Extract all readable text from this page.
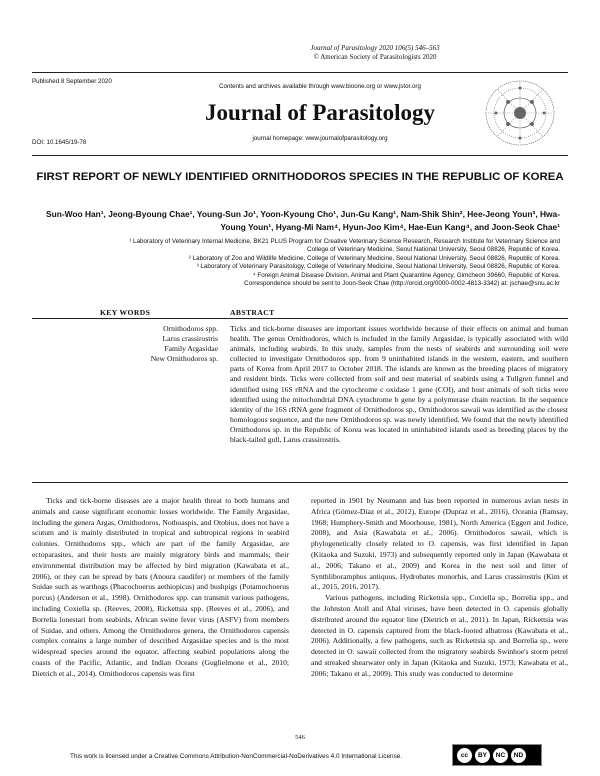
Journal of Parasitology 2020 106(5) 546–563
© American Society of Parasitologists 2020
Published 8 September 2020
DOI: 10.1645/19-78
Contents and archives available through www.bioone.org or www.jstor.org
Journal of Parasitology
journal homepage: www.journalofparasitology.org
FIRST REPORT OF NEWLY IDENTIFIED ORNITHODOROS SPECIES IN THE REPUBLIC OF KOREA
Sun-Woo Han¹, Jeong-Byoung Chae¹, Young-Sun Jo¹, Yoon-Kyoung Cho¹, Jun-Gu Kang¹, Nam-Shik Shin², Hee-Jeong Youn³, Hwa-Young Youn¹, Hyang-Mi Nam⁴, Hyun-Joo Kim⁴, Hae-Eun Kang⁴, and Joon-Seok Chae¹
¹ Laboratory of Veterinary Internal Medicine, BK21 PLUS Program for Creative Veterinary Science Research, Research Institute for Veterinary Science and
College of Veterinary Medicine, Seoul National University, Seoul 08826, Republic of Korea.
² Laboratory of Zoo and Wildlife Medicine, College of Veterinary Medicine, Seoul National University, Seoul 08826, Republic of Korea.
³ Laboratory of Veterinary Parasitology, College of Veterinary Medicine, Seoul National University, Seoul 08826, Republic of Korea.
⁴ Foreign Animal Disease Division, Animal and Plant Quarantine Agency, Gimcheon 39660, Republic of Korea.
Correspondence should be sent to Joon-Seok Chae (http://orcid.org/0000-0002-4813-3342) at: jschae@snu.ac.kr
KEY WORDS	ABSTRACT
Ornithodoros spp.
Larus crassirostris
Family Argasidae
New Ornithodoros sp.
Ticks and tick-borne diseases are important issues worldwide because of their effects on animal and human health. The genus Ornithodoros, which is included in the family Argasidae, is typically associated with wild animals, including seabirds. In this study, samples from the nests of seabirds and surrounding soil were collected to investigate Ornithodoros spp. from 9 uninhabited islands in the western, eastern, and southern parts of Korea from April 2017 to October 2018. The islands are known as the breeding places of migratory and resident birds. Ticks were collected from soil and nest material of seabirds using a Tullgren funnel and identified using 16S rRNA and the cytochrome c oxidase 1 gene (COI), and host animals of soft ticks were identified using the mitochondrial DNA cytochrome b gene by a polymerase chain reaction. In the sequence identity of the 16S rRNA gene fragment of Ornithodoros sp., Ornithodoros sawaii was identified as the closest homologous sequence, and the new Ornithodoros sp. was newly identified. We found that the newly identified Ornithodoros sp. in the Republic of Korea was located in uninhabited islands used as breeding places by the black-tailed gull, Larus crassirostris.

Ticks and tick-borne diseases are a major health threat to both humans and animals and cause significant economic losses worldwide. The Family Argasidae, including the genera Argas, Ornithodoros, Nothoaspis, and Otobius, does not have a scutum and is mainly distributed in tropical and subtropical regions in seabird colonies. Ornithodoros spp., which are part of the family Argasidae, are ectoparasites, and their hosts are mainly migratory birds and mammals; their environmental distribution may be affected by bird migration (Kawabata et al., 2006), or they can be spread by bats (Anoura caudifer) or members of the family Suidae such as warthogs (Phacochoerus aethiopicus) and bushpigs (Potamochoerus porcus) (Anderson et al., 1998). Ornithodoros spp. can transmit various pathogens, including Coxiella sp. (Reeves, 2008), Rickettsia spp. (Reeves et al., 2006), and Borrelia lonestari from seabirds, African swine fever virus (ASFV) from members of Suidae, and others. Among the Ornithodoros genera, the Ornithodoros capensis complex contains a large number of described Argasidae species and is the most widespread species around the equator, affecting seabird populations along the coasts of the Pacific, Atlantic, and Indian Oceans (Guglielmone et al., 2010; Dietrich et al., 2014). Ornithodoros capensis was first

reported in 1901 by Neumann and has been reported in numerous avian nests in Africa (Gómez-Díaz et al., 2012), Europe (Dupraz et al., 2016), Oceania (Ramsay, 1968; Humphery-Smith and Moorhouse, 1981), North America (Eggert and Jodice, 2008), and Asia (Kawabata et al., 2006). Ornithodoros sawaii, which is phylogenetically closely related to O. capensis, was first identified in Japan (Kitaoka and Suzuki, 1973) and subsequently reported only in Japan (Kawabata et al., 2006; Takano et al., 2009) and Korea in the nest soil and litter of Synthliboramphus antiquus, Hydrobates monorhis, and Larus crassirostris (Kim et al., 2015, 2016, 2017).

Various pathogens, including Rickettsia spp., Coxiella sp., Borrelia spp., and the Johnston Atoll and Abal viruses, have been detected in O. capensis globally distributed around the equator line (Dietrich et al., 2011). In Japan, Rickettsia was detected in O. capensis captured from the black-footed albatross (Kawabata et al., 2006). Additionally, a few pathogens, such as Rickettsia sp. and Borrelia sp., were detected in O. sawaii collected from the migratory seabirds Swinhoe's storm petrel and streaked shearwater only in Japan (Kitaoka and Suzuki, 1973; Kawabata et al., 2006; Takano et al., 2009). This study was conducted to determine

546
This work is licensed under a Creative Commons Attribution-NonCommercial-NoDerivatives 4.0 International License.	cc	BY	NC	ND
